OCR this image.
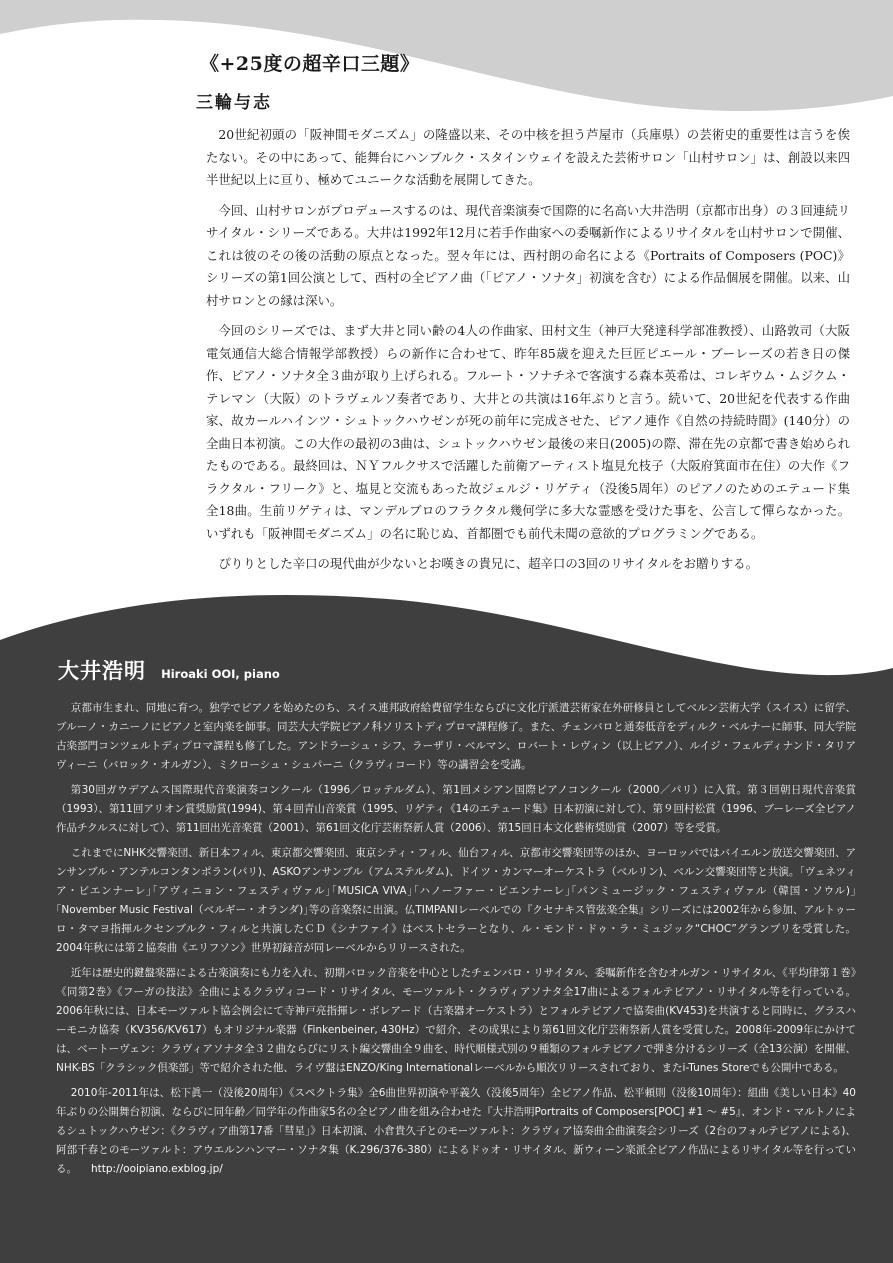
《+25度の超辛口三題》
三輪与志

20世紀初頭の「阪神間モダニズム」の隆盛以来、その中核を担う芦屋市（兵庫県）の芸術史的重要性は言うを俟たない。その中にあって、能舞台にハンブルク・スタインウェイを設えた芸術サロン「山村サロン」は、創設以来四半世紀以上に亘り、極めてユニークな活動を展開してきた。

今回、山村サロンがプロデュースするのは、現代音楽演奏で国際的に名高い大井浩明（京都市出身）の３回連続リサイタル・シリーズである。大井は1992年12月に若手作曲家への委嘱新作によるリサイタルを山村サロンで開催、これは彼のその後の活動の原点となった。翌々年には、西村朗の命名による《Portraits of Composers (POC)》シリーズの第1回公演として、西村の全ピアノ曲（「ピアノ・ソナタ」初演を含む）による作品個展を開催。以来、山村サロンとの縁は深い。

今回のシリーズでは、まず大井と同い齢の4人の作曲家、田村文生（神戸大発達科学部准教授）、山路敦司（大阪電気通信大総合情報学部教授）らの新作に合わせて、昨年85歳を迎えた巨匠ピエール・ブーレーズの若き日の傑作、ピアノ・ソナタ全３曲が取り上げられる。フルート・ソナチネで客演する森本英希は、コレギウム・ムジクム・テレマン（大阪）のトラヴェルソ奏者であり、大井との共演は16年ぶりと言う。続いて、20世紀を代表する作曲家、故カールハインツ・シュトックハウゼンが死の前年に完成させた、ピアノ連作《自然の持続時間》(140分）の全曲日本初演。この大作の最初の3曲は、シュトックハウゼン最後の来日(2005)の際、滞在先の京都で書き始められたものである。最終回は、ＮＹフルクサスで活躍した前衛アーティスト塩見允枝子（大阪府箕面市在住）の大作《フラクタル・フリーク》と、塩見と交流もあった故ジェルジ・リゲティ（没後5周年）のピアノのためのエテュード集全18曲。生前リゲティは、マンデルブロのフラクタル幾何学に多大な霊感を受けた事を、公言して憚らなかった。いずれも「阪神間モダニズム」の名に恥じぬ、首都圏でも前代未聞の意欲的プログラミングである。

ぴりりとした辛口の現代曲が少ないとお嘆きの貴兄に、超辛口の3回のリサイタルをお贈りする。

大井浩明 Hiroaki OOI, piano

京都市生まれ、同地に育つ。独学でピアノを始めたのち、スイス連邦政府給費留学生ならびに文化庁派遣芸術家在外研修員としてベルン芸術大学（スイス）に留学、ブルーノ・カニーノにピアノと室内楽を師事。同芸大大学院ピアノ科ソリストディプロマ課程修了。また、チェンバロと通奏低音をディルク・ベルナーに師事、同大学院古楽部門コンツェルトディプロマ課程も修了した。アンドラーシュ・シフ、ラーザリ・ベルマン、ロバート・レヴィン（以上ピアノ）、ルイジ・フェルディナンド・タリアヴィーニ（バロック・オルガン）、ミクローシュ・シュパーニ（クラヴィコード）等の講習会を受講。

第30回ガウデアムス国際現代音楽演奏コンクール（1996／ロッテルダム）、第1回メシアン国際ピアノコンクール（2000／パリ）に入賞。第３回朝日現代音楽賞（1993）、第11回アリオン賞奨励賞(1994)、第４回青山音楽賞（1995、リゲティ《14のエテュード集》日本初演に対して）、第９回村松賞（1996、ブーレーズ全ピアノ作品チクルスに対して）、第11回出光音楽賞（2001）、第61回文化庁芸術祭新人賞（2006）、第15回日本文化藝術奨励賞（2007）等を受賞。

これまでにNHK交響楽団、新日本フィル、東京都交響楽団、東京シティ・フィル、仙台フィル、京都市交響楽団等のほか、ヨーロッパではバイエルン放送交響楽団、アンサンブル・アンテルコンタンポラン(パリ)、ASKOアンサンブル（アムステルダム)、ドイツ・カンマーオーケストラ（ベルリン)、ベルン交響楽団等と共演。｢ヴェネツィア・ビエンナーレ｣｢アヴィニョン・フェスティヴァル｣｢MUSICA VIVA｣｢ハノーファー・ビエンナーレ｣｢パンミュージック・フェスティヴァル（韓国・ソウル)｣｢November Music Festival（ベルギー・オランダ)｣等の音楽祭に出演。仏TIMPANIレーベルでの『クセナキス管弦楽全集』シリーズには2002年から参加、アルトゥーロ・タマヨ指揮ルクセンブルク・フィルと共演したＣＤ《シナファイ》はベストセラーとなり、ル・モンド・ドゥ・ラ・ミュジック“CHOC”グランプリを受賞した。2004年秋には第２協奏曲《エリフソン》世界初録音が同レーベルからリリースされた。

近年は歴史的鍵盤楽器による古楽演奏にも力を入れ、初期バロック音楽を中心としたチェンバロ・リサイタル、委嘱新作を含むオルガン・リサイタル、《平均律第１巻》《同第2巻》《フーガの技法》全曲によるクラヴィコード・リサイタル、モーツァルト・クラヴィアソナタ全17曲によるフォルテピアノ・リサイタル等を行っている。2006年秋には、日本モーツァルト協会例会にて寺神戸亮指揮レ・ボレアード（古楽器オーケストラ）とフォルテピアノで協奏曲(KV453)を共演すると同時に、グラスハーモニカ協奏（KV356/KV617）もオリジナル楽器（Finkenbeiner, 430Hz）で紹介、その成果により第61回文化庁芸術祭新人賞を受賞した。2008年-2009年にかけては、ベートーヴェン：クラヴィアソナタ全３２曲ならびにリスト編交響曲全９曲を、時代順様式別の９種類のフォルテピアノで弾き分けるシリーズ（全13公演）を開催、NHK-BS「クラシック倶楽部」等で紹介された他、ライヴ盤はENZO/King Internationalレーベルから順次リリースされており、またi-Tunes Storeでも公開中である。

2010年-2011年は、松下眞一（没後20周年）《スペクトラ集》全6曲世界初演や平義久（没後5周年）全ピアノ作品、松平頼則（没後10周年）：組曲《美しい日本》40年ぶりの公開舞台初演、ならびに同年齢／同学年の作曲家5名の全ピアノ曲を組み合わせた『大井浩明Portraits of Composers[POC] #1 〜 #5』、オンド・マルトノによるシュトックハウゼン：《クラヴィア曲第17番「彗星」》日本初演、小倉貴久子とのモーツァルト：クラヴィア協奏曲全曲演奏会シリーズ（2台のフォルテピアノによる)、阿部千春とのモーツァルト：アウエルンハンマー・ソナタ集（K.296/376-380）によるドゥオ・リサイタル、新ウィーン楽派全ピアノ作品によるリサイタル等を行っている。 http://ooipiano.exblog.jp/
